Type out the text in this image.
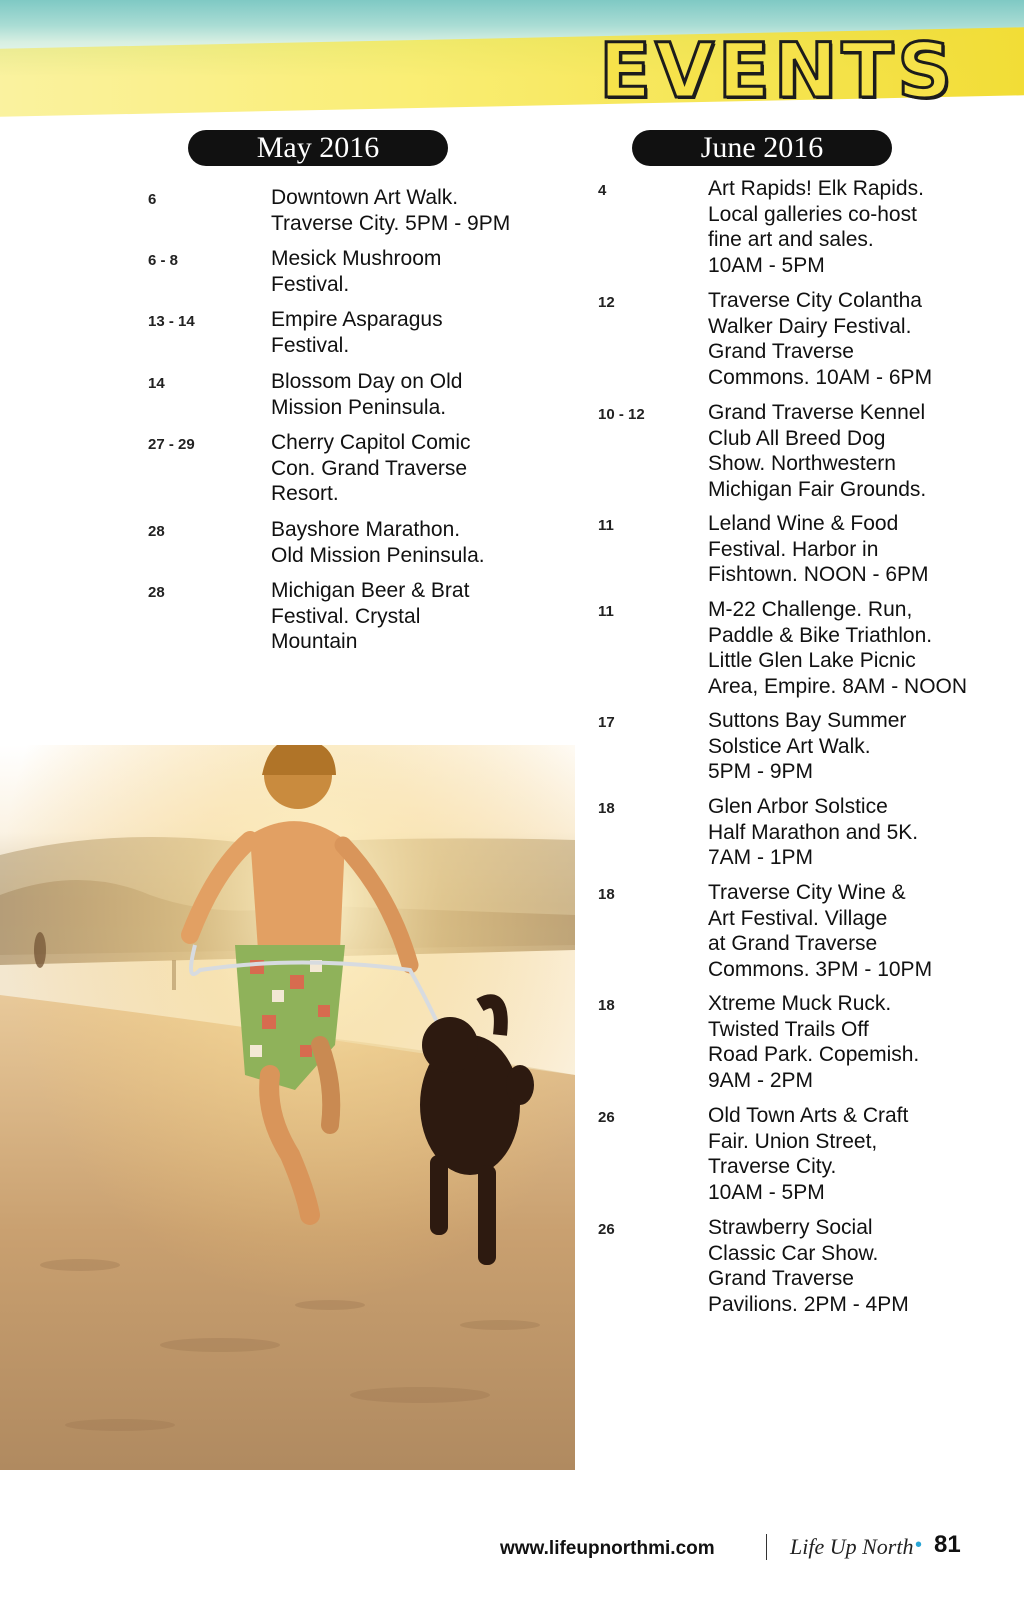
EVENTS
May 2016	June 2016
6	Downtown Art Walk.
Traverse City. 5PM - 9PM
6 - 8	Mesick Mushroom
Festival.
13 - 14	Empire Asparagus
Festival.
14	Blossom Day on Old
Mission Peninsula.
27 - 29	Cherry Capitol Comic
Con. Grand Traverse
Resort.
28	Bayshore Marathon.
Old Mission Peninsula.
28	Michigan Beer & Brat
Festival. Crystal
Mountain
4	Art Rapids! Elk Rapids.
Local galleries co-host
fine art and sales.
10AM - 5PM
12	Traverse City Colantha
Walker Dairy Festival.
Grand Traverse
Commons. 10AM - 6PM
10 - 12	Grand Traverse Kennel
Club All Breed Dog
Show. Northwestern
Michigan Fair Grounds.
11	Leland Wine & Food
Festival. Harbor in
Fishtown. NOON - 6PM
11	M-22 Challenge. Run,
Paddle & Bike Triathlon.
Little Glen Lake Picnic
Area, Empire. 8AM - NOON
17	Suttons Bay Summer
Solstice Art Walk.
5PM - 9PM
18	Glen Arbor Solstice
Half Marathon and 5K.
7AM - 1PM
18	Traverse City Wine &
Art Festival. Village
at Grand Traverse
Commons. 3PM - 10PM
18	Xtreme Muck Ruck.
Twisted Trails Off
Road Park. Copemish.
9AM - 2PM
26	Old Town Arts & Craft
Fair. Union Street,
Traverse City.
10AM - 5PM
26	Strawberry Social
Classic Car Show.
Grand Traverse
Pavilions. 2PM - 4PM
www.lifeupnorthmi.com	Life Up North • 81
